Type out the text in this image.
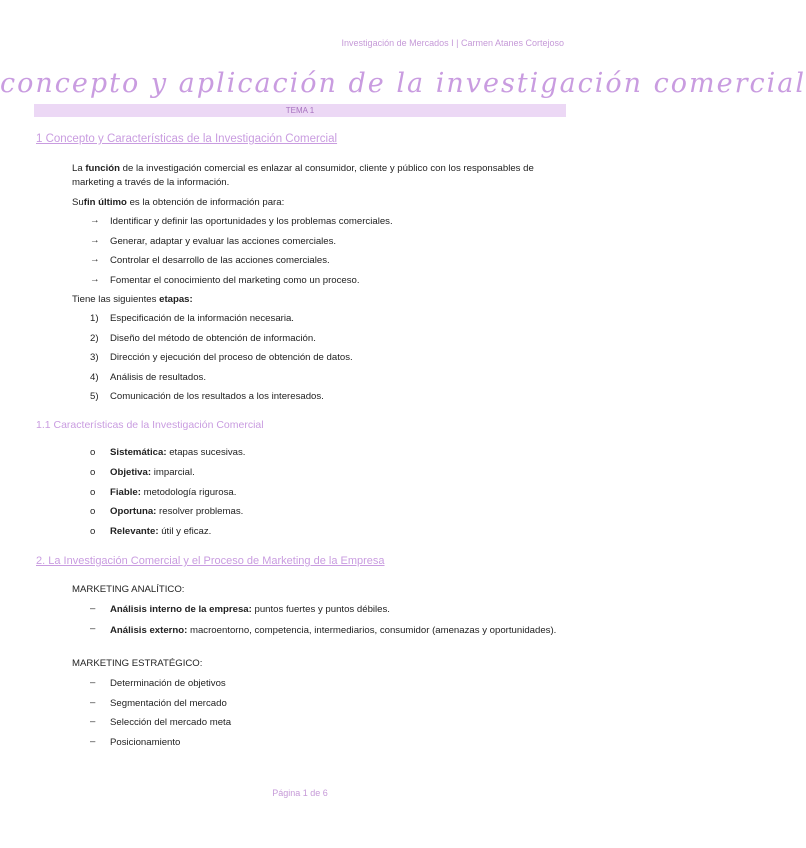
Investigación de Mercados I | Carmen Atanes Cortejoso
concepto y aplicación de la investigación comercial
TEMA 1
1 Concepto y Características de la Investigación Comercial
La función de la investigación comercial es enlazar al consumidor, cliente y público con los responsables de marketing a través de la información.
Sufin último es la obtención de información para:
→ Identificar y definir las oportunidades y los problemas comerciales.
→ Generar, adaptar y evaluar las acciones comerciales.
→ Controlar el desarrollo de las acciones comerciales.
→ Fomentar el conocimiento del marketing como un proceso.
Tiene las siguientes etapas:
1) Especificación de la información necesaria.
2) Diseño del método de obtención de información.
3) Dirección y ejecución del proceso de obtención de datos.
4) Análisis de resultados.
5) Comunicación de los resultados a los interesados.
1.1 Características de la Investigación Comercial
o Sistemática: etapas sucesivas.
o Objetiva: imparcial.
o Fiable: metodología rigurosa.
o Oportuna: resolver problemas.
o Relevante: útil y eficaz.
2. La Investigación Comercial y el Proceso de Marketing de la Empresa
MARKETING ANALÍTICO:
– Análisis interno de la empresa: puntos fuertes y puntos débiles.
– Análisis externo: macroentorno, competencia, intermediarios, consumidor (amenazas y oportunidades).
MARKETING ESTRATÉGICO:
– Determinación de objetivos
– Segmentación del mercado
– Selección del mercado meta
– Posicionamiento
Página 1 de 6
